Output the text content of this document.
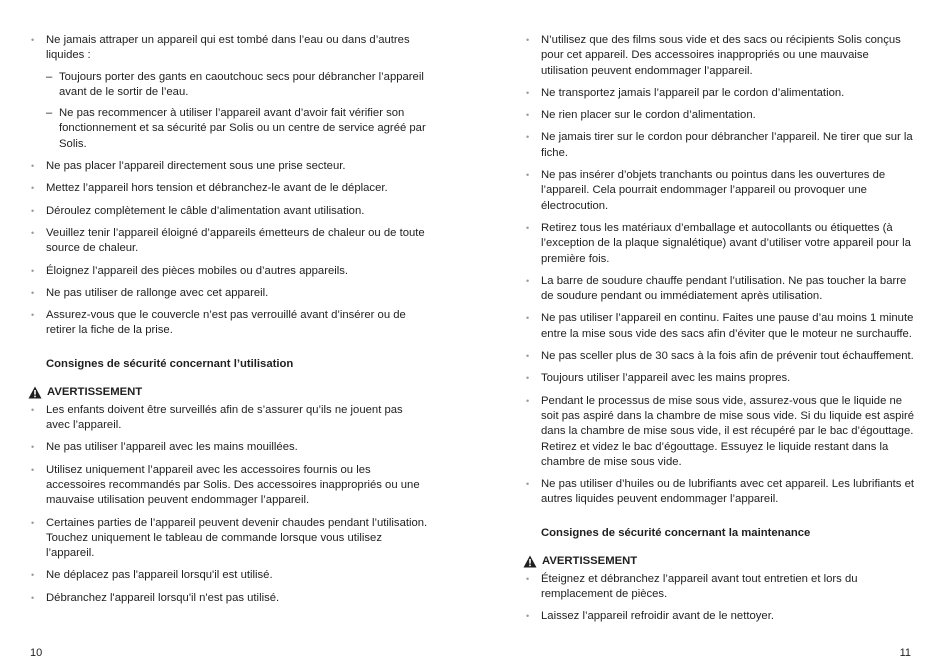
• Ne jamais attraper un appareil qui est tombé dans l’eau ou dans d’autres liquides :
– Toujours porter des gants en caoutchouc secs pour débrancher l’appareil avant de le sortir de l’eau.
– Ne pas recommencer à utiliser l’appareil avant d’avoir fait vérifier son fonctionnement et sa sécurité par Solis ou un centre de service agréé par Solis.
• Ne pas placer l’appareil directement sous une prise secteur.
• Mettez l’appareil hors tension et débranchez-le avant de le déplacer.
• Déroulez complètement le câble d’alimentation avant utilisation.
• Veuillez tenir l’appareil éloigné d’appareils émetteurs de chaleur ou de toute source de chaleur.
• Éloignez l’appareil des pièces mobiles ou d’autres appareils.
• Ne pas utiliser de rallonge avec cet appareil.
• Assurez-vous que le couvercle n’est pas verrouillé avant d’insérer ou de retirer la fiche de la prise.
Consignes de sécurité concernant l’utilisation
AVERTISSEMENT
• Les enfants doivent être surveillés afin de s’assurer qu’ils ne jouent pas avec l’appareil.
• Ne pas utiliser l’appareil avec les mains mouillées.
• Utilisez uniquement l’appareil avec les accessoires fournis ou les accessoires recommandés par Solis. Des accessoires inappropriés ou une mauvaise utilisation peuvent endommager l’appareil.
• Certaines parties de l’appareil peuvent devenir chaudes pendant l’utilisation. Touchez uniquement le tableau de commande lorsque vous utilisez l’appareil.
• Ne déplacez pas l'appareil lorsqu'il est utilisé.
• Débranchez l'appareil lorsqu'il n'est pas utilisé.
10
• N’utilisez que des films sous vide et des sacs ou récipients Solis conçus pour cet appareil. Des accessoires inappropriés ou une mauvaise utilisation peuvent endommager l’appareil.
• Ne transportez jamais l’appareil par le cordon d’alimentation.
• Ne rien placer sur le cordon d’alimentation.
• Ne jamais tirer sur le cordon pour débrancher l’appareil. Ne tirer que sur la fiche.
• Ne pas insérer d’objets tranchants ou pointus dans les ouvertures de l’appareil. Cela pourrait endommager l’appareil ou provoquer une électrocution.
• Retirez tous les matériaux d’emballage et autocollants ou étiquettes (à l’exception de la plaque signalétique) avant d’utiliser votre appareil pour la première fois.
• La barre de soudure chauffe pendant l’utilisation. Ne pas toucher la barre de soudure pendant ou immédiatement après utilisation.
• Ne pas utiliser l’appareil en continu. Faites une pause d’au moins 1 minute entre la mise sous vide des sacs afin d’éviter que le moteur ne surchauffe.
• Ne pas sceller plus de 30 sacs à la fois afin de prévenir tout échauffement.
• Toujours utiliser l’appareil avec les mains propres.
• Pendant le processus de mise sous vide, assurez-vous que le liquide ne soit pas aspiré dans la chambre de mise sous vide. Si du liquide est aspiré dans la chambre de mise sous vide, il est récupéré par le bac d’égouttage. Retirez et videz le bac d’égouttage. Essuyez le liquide restant dans la chambre de mise sous vide.
• Ne pas utiliser d’huiles ou de lubrifiants avec cet appareil. Les lubrifiants et autres liquides peuvent endommager l’appareil.
Consignes de sécurité concernant la maintenance
AVERTISSEMENT
• Éteignez et débranchez l’appareil avant tout entretien et lors du remplacement de pièces.
• Laissez l’appareil refroidir avant de le nettoyer.
11
